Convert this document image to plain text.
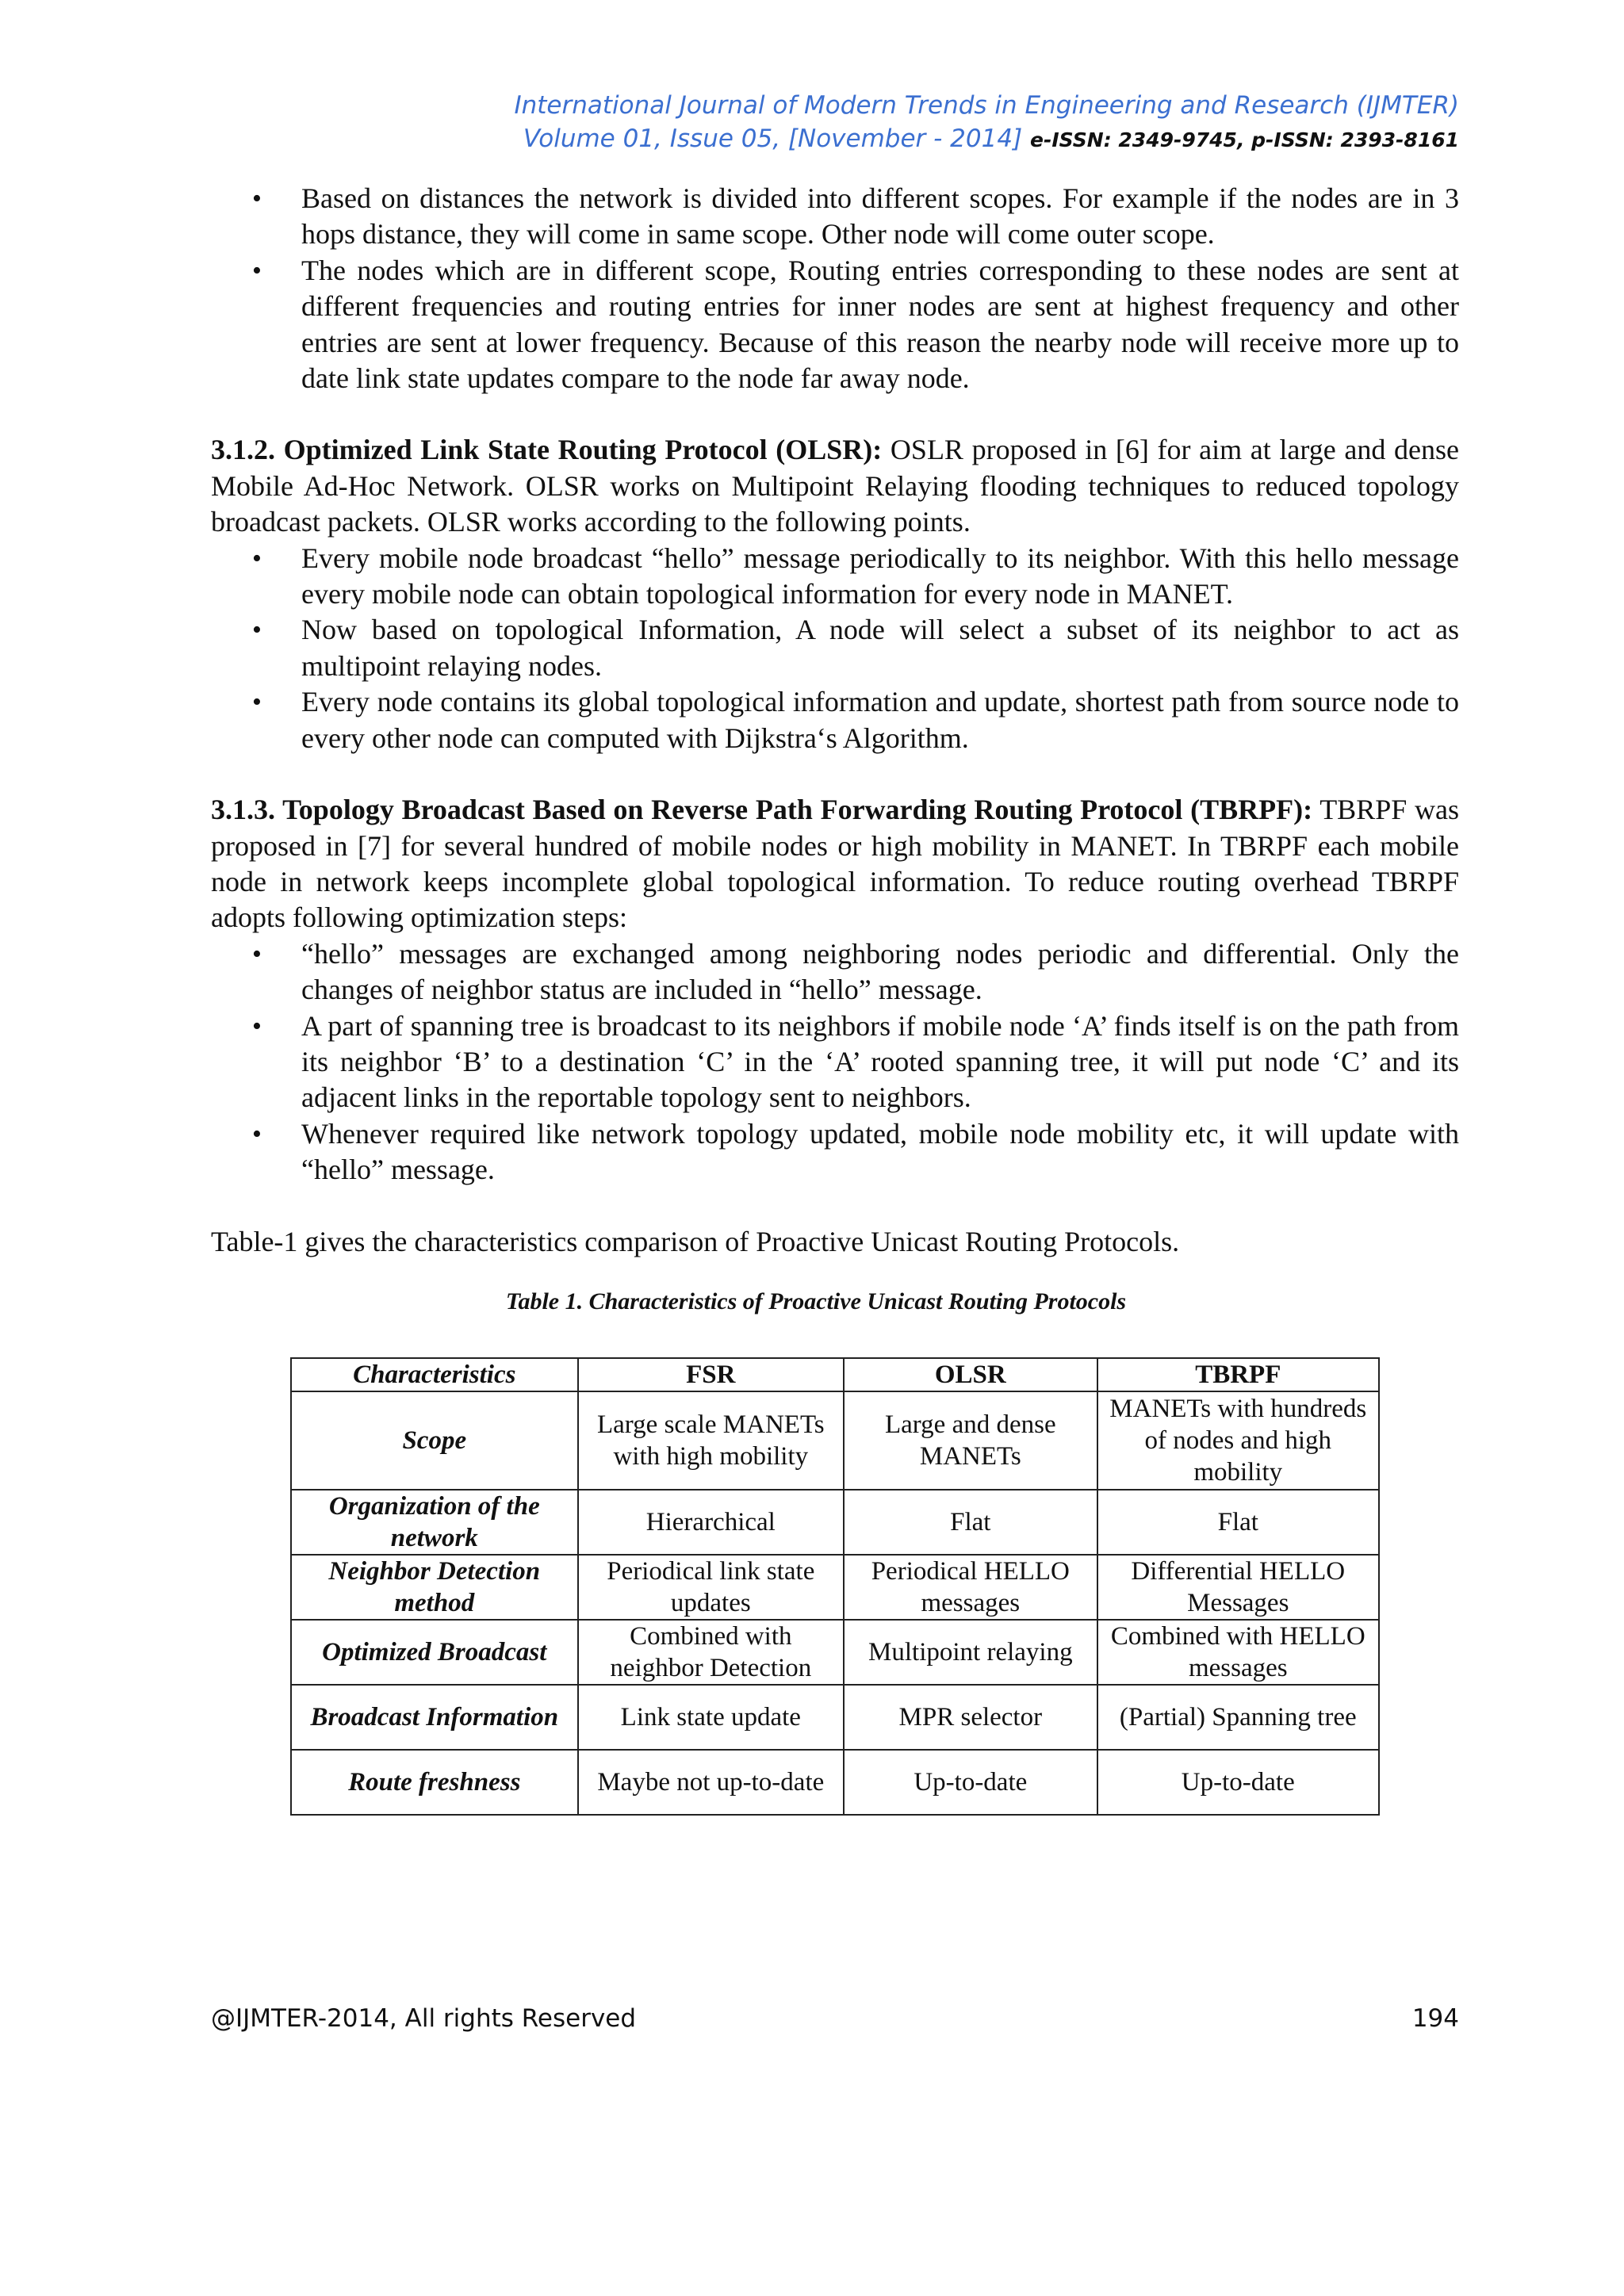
International Journal of Modern Trends in Engineering and Research (IJMTER)
Volume 01, Issue 05, [November - 2014] e-ISSN: 2349-9745, p-ISSN: 2393-8161
• Based on distances the network is divided into different scopes. For example if the nodes are in 3 hops distance, they will come in same scope. Other node will come outer scope.
• The nodes which are in different scope, Routing entries corresponding to these nodes are sent at different frequencies and routing entries for inner nodes are sent at highest frequency and other entries are sent at lower frequency. Because of this reason the nearby node will receive more up to date link state updates compare to the node far away node.

3.1.2. Optimized Link State Routing Protocol (OLSR): OSLR proposed in [6] for aim at large and dense Mobile Ad-Hoc Network. OLSR works on Multipoint Relaying flooding techniques to reduced topology broadcast packets. OLSR works according to the following points.

• Every mobile node broadcast “hello” message periodically to its neighbor. With this hello message every mobile node can obtain topological information for every node in MANET.
• Now based on topological Information, A node will select a subset of its neighbor to act as multipoint relaying nodes.
• Every node contains its global topological information and update, shortest path from source node to every other node can computed with Dijkstra‘s Algorithm.

3.1.3. Topology Broadcast Based on Reverse Path Forwarding Routing Protocol (TBRPF): TBRPF was proposed in [7] for several hundred of mobile nodes or high mobility in MANET. In TBRPF each mobile node in network keeps incomplete global topological information. To reduce routing overhead TBRPF adopts following optimization steps:

• “hello” messages are exchanged among neighboring nodes periodic and differential. Only the changes of neighbor status are included in “hello” message.
• A part of spanning tree is broadcast to its neighbors if mobile node ‘A’ finds itself is on the path from its neighbor ‘B’ to a destination ‘C’ in the ‘A’ rooted spanning tree, it will put node ‘C’ and its adjacent links in the reportable topology sent to neighbors.
• Whenever required like network topology updated, mobile node mobility etc, it will update with “hello” message.

Table-1 gives the characteristics comparison of Proactive Unicast Routing Protocols.

Table 1. Characteristics of Proactive Unicast Routing Protocols
Characteristics	FSR	OLSR	TBRPF
Scope	Large scale MANETs with high mobility	Large and dense MANETs	MANETs with hundreds of nodes and high mobility
Organization of the network	Hierarchical	Flat	Flat
Neighbor Detection method	Periodical link state updates	Periodical HELLO messages	Differential HELLO Messages
Optimized Broadcast	Combined with neighbor Detection	Multipoint relaying	Combined with HELLO messages
Broadcast Information	Link state update	MPR selector	(Partial) Spanning tree
Route freshness	Maybe not up-to-date	Up-to-date	Up-to-date
@IJMTER-2014, All rights Reserved	194
